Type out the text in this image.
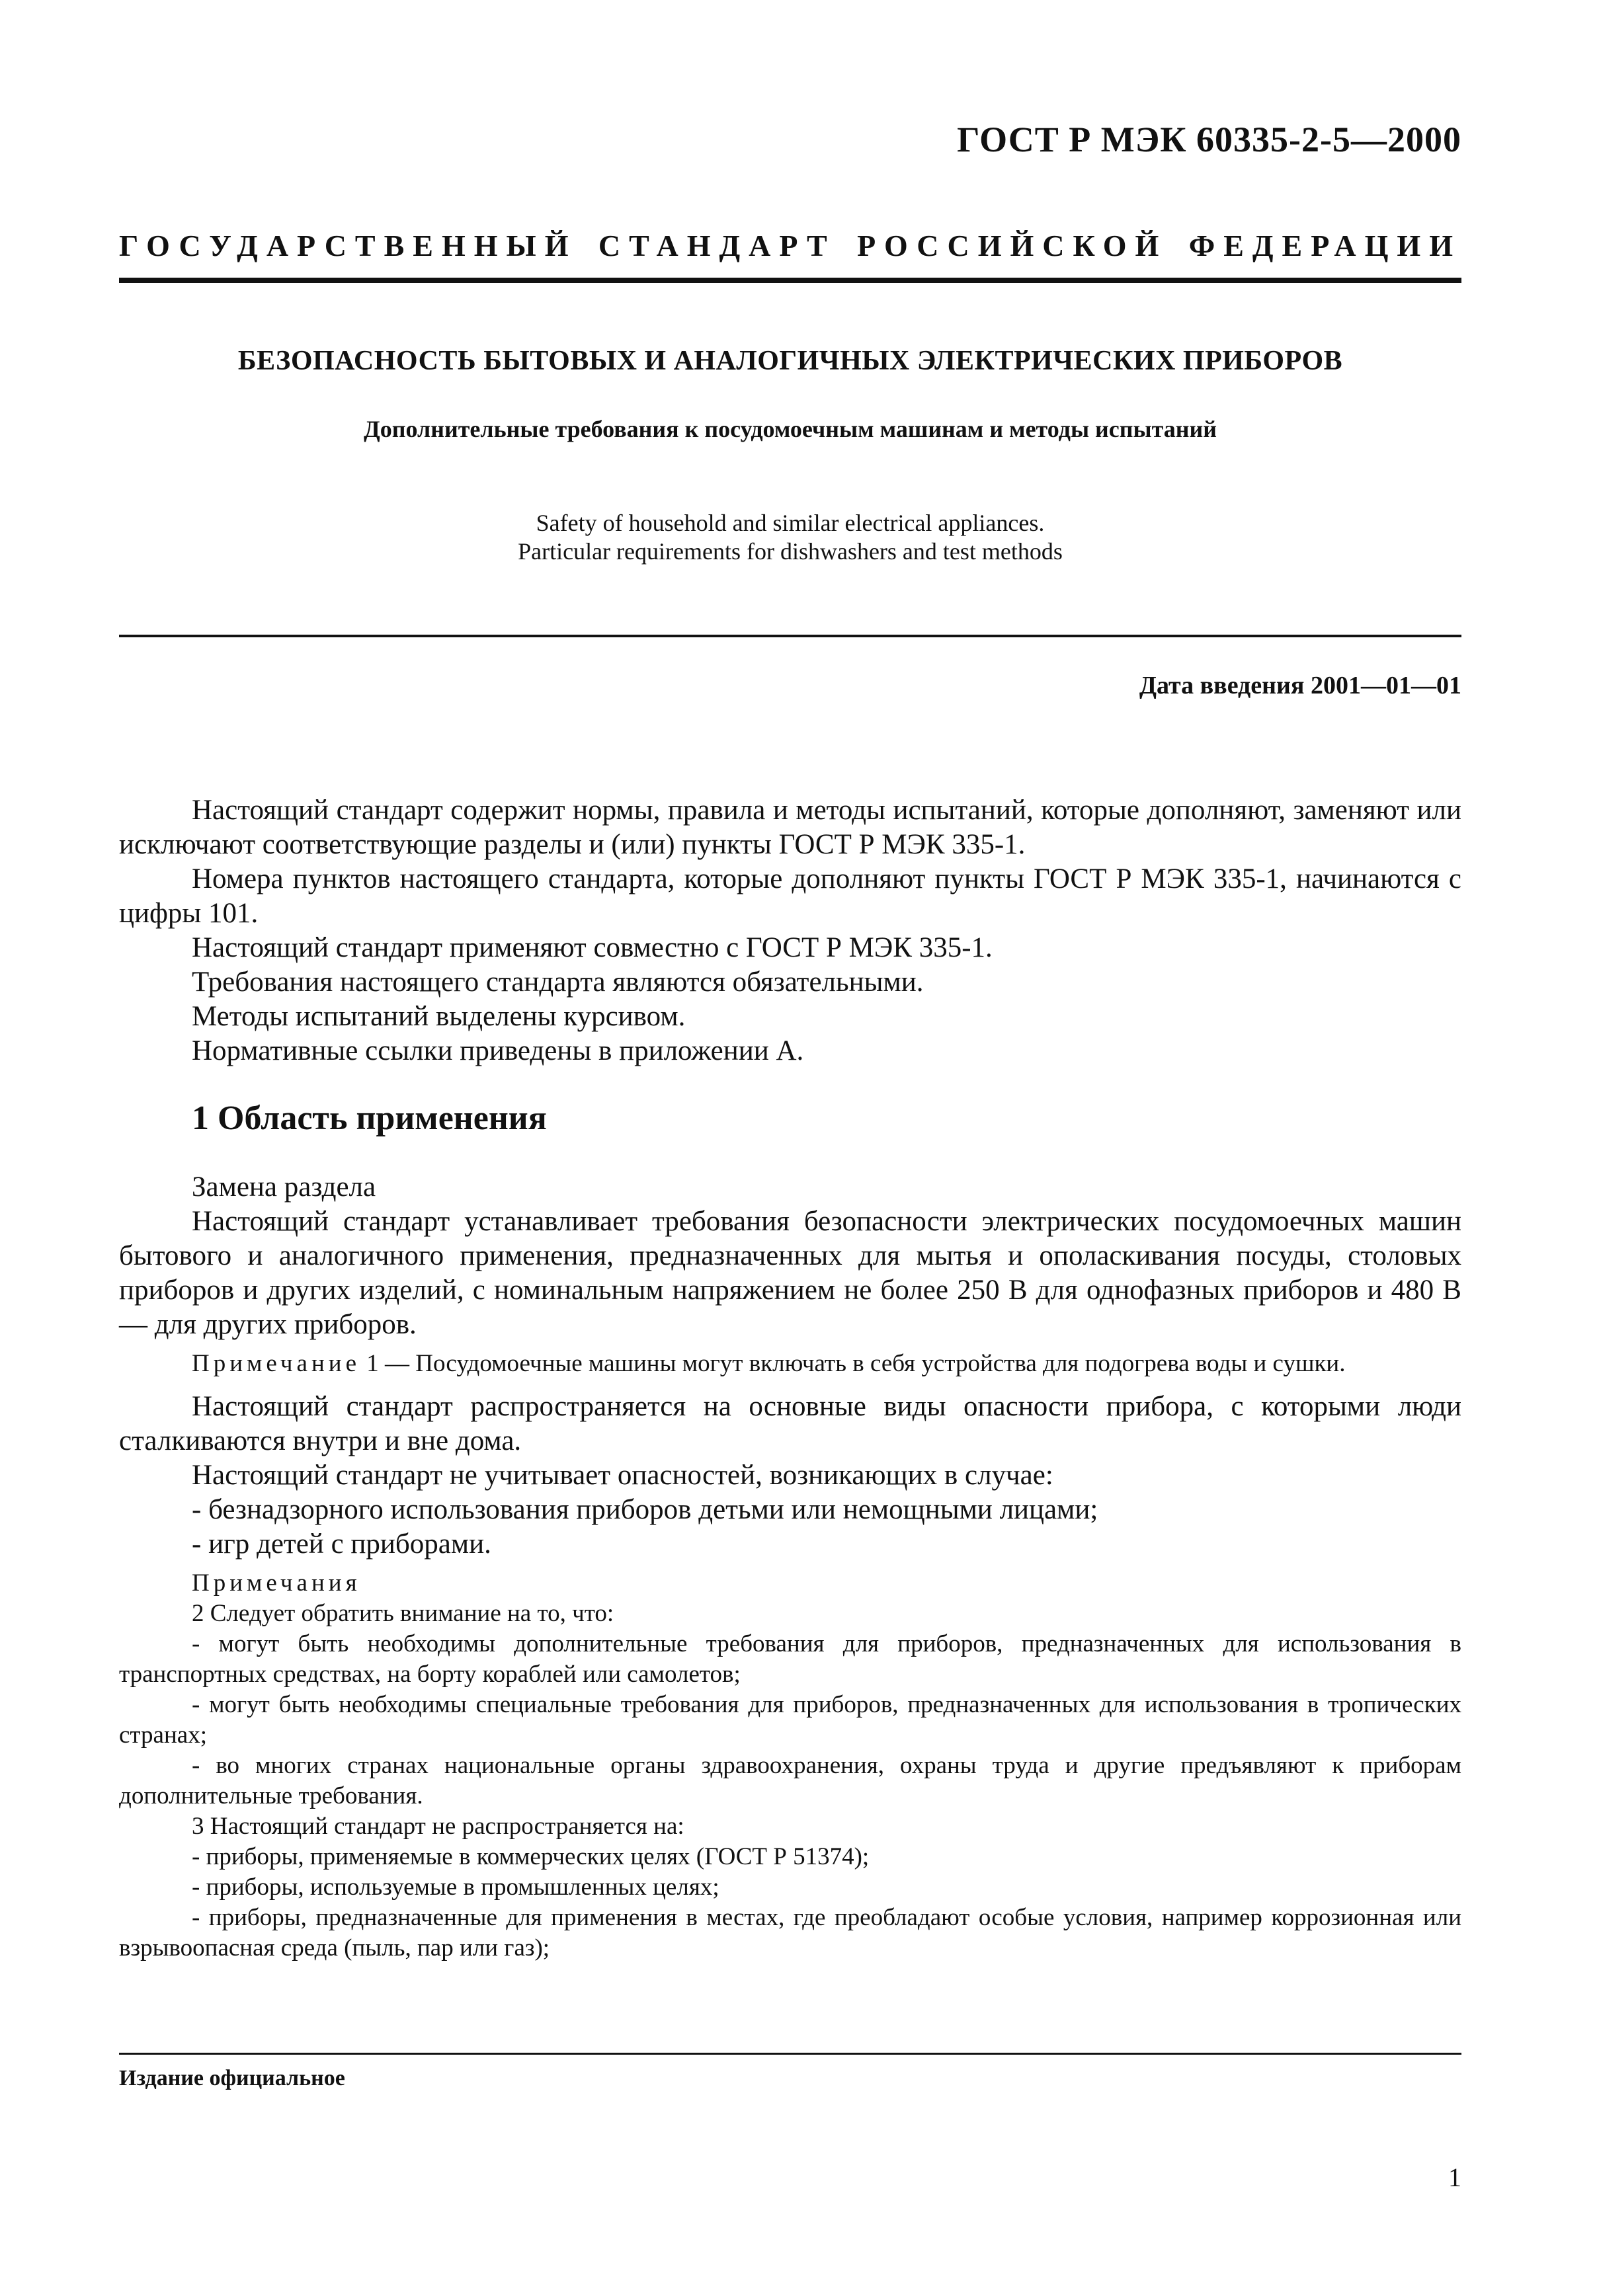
ГОСТ Р МЭК 60335-2-5—2000
ГОСУДАРСТВЕННЫЙ СТАНДАРТ РОССИЙСКОЙ ФЕДЕРАЦИИ
БЕЗОПАСНОСТЬ БЫТОВЫХ И АНАЛОГИЧНЫХ ЭЛЕКТРИЧЕСКИХ ПРИБОРОВ
Дополнительные требования к посудомоечным машинам и методы испытаний
Safety of household and similar electrical appliances.
Particular requirements for dishwashers and test methods
Дата введения 2001—01—01

Настоящий стандарт содержит нормы, правила и методы испытаний, которые дополняют, заменяют или исключают соответствующие разделы и (или) пункты ГОСТ Р МЭК 335-1.

Номера пунктов настоящего стандарта, которые дополняют пункты ГОСТ Р МЭК 335-1, начинаются с цифры 101.

Настоящий стандарт применяют совместно с ГОСТ Р МЭК 335-1.

Требования настоящего стандарта являются обязательными.

Методы испытаний выделены курсивом.

Нормативные ссылки приведены в приложении А.

1 Область применения

Замена раздела

Настоящий стандарт устанавливает требования безопасности электрических посудомоечных машин бытового и аналогичного применения, предназначенных для мытья и ополаскивания посуды, столовых приборов и других изделий, с номинальным напряжением не более 250 В для однофазных приборов и 480 В — для других приборов.

Примечание 1 — Посудомоечные машины могут включать в себя устройства для подогрева воды и сушки.

Настоящий стандарт распространяется на основные виды опасности прибора, с которыми люди сталкиваются внутри и вне дома.

Настоящий стандарт не учитывает опасностей, возникающих в случае:

- безнадзорного использования приборов детьми или немощными лицами;

- игр детей с приборами.

Примечания

2 Следует обратить внимание на то, что:

- могут быть необходимы дополнительные требования для приборов, предназначенных для использования в транспортных средствах, на борту кораблей или самолетов;

- могут быть необходимы специальные требования для приборов, предназначенных для использования в тропических странах;

- во многих странах национальные органы здравоохранения, охраны труда и другие предъявляют к приборам дополнительные требования.

3 Настоящий стандарт не распространяется на:

- приборы, применяемые в коммерческих целях (ГОСТ Р 51374);

- приборы, используемые в промышленных целях;

- приборы, предназначенные для применения в местах, где преобладают особые условия, например коррозионная или взрывоопасная среда (пыль, пар или газ);

Издание официальное
1
